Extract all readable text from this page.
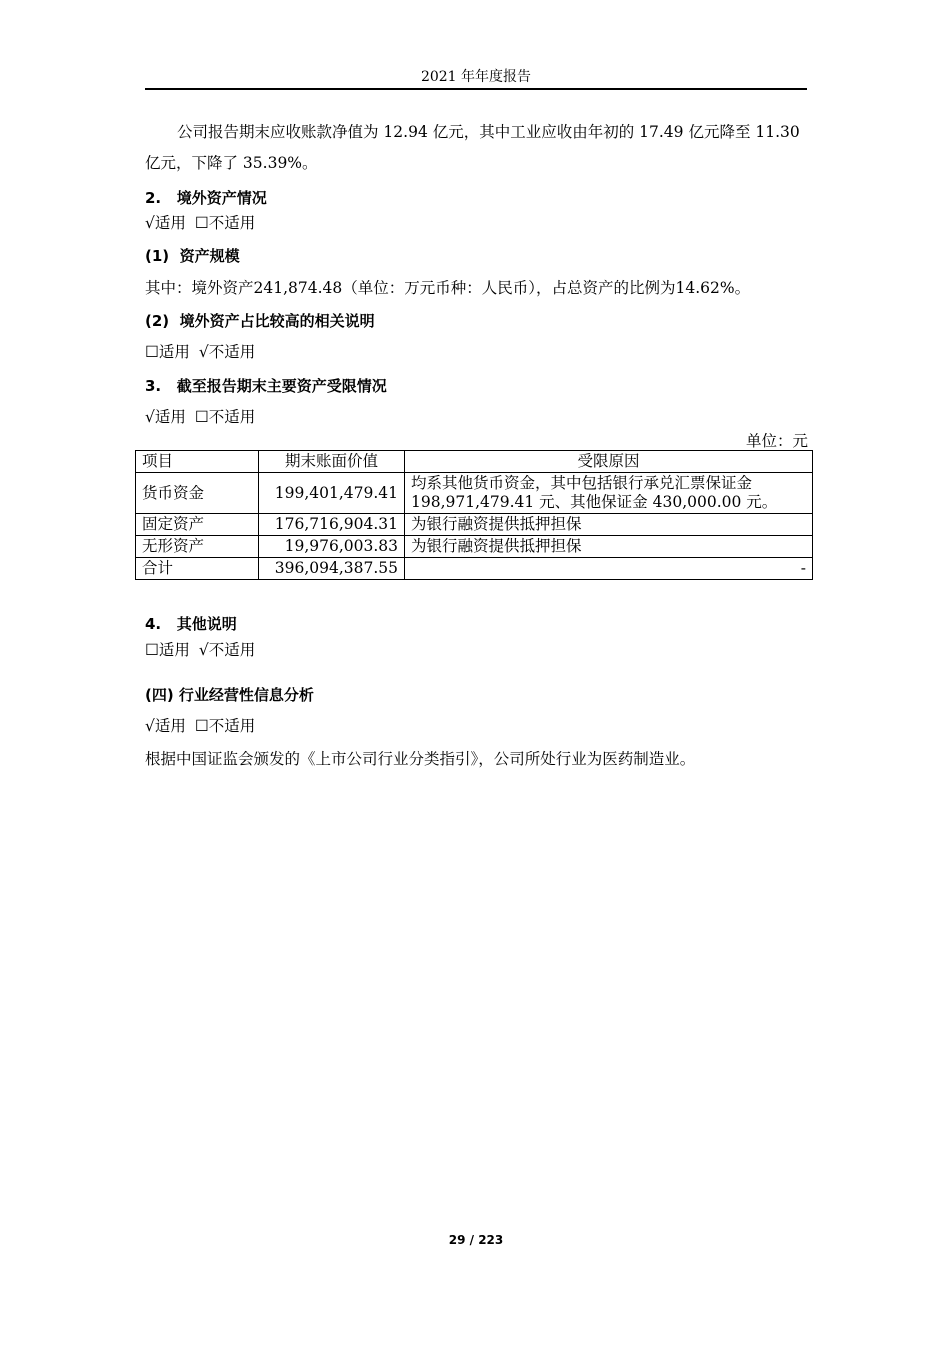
2021 年年度报告
公司报告期末应收账款净值为 12.94 亿元，其中工业应收由年初的 17.49 亿元降至 11.30 亿元，下降了 35.39%。
2.   境外资产情况
√适用 ☐不适用
(1)  资产规模
其中：境外资产241,874.48（单位：万元币种：人民币），占总资产的比例为14.62%。
(2)  境外资产占比较高的相关说明
☐适用 √不适用
3.   截至报告期末主要资产受限情况
√适用 ☐不适用
单位：元
项目	期末账面价值	受限原因
货币资金	199,401,479.41	均系其他货币资金，其中包括银行承兑汇票保证金 198,971,479.41 元、其他保证金 430,000.00 元。
固定资产	176,716,904.31	为银行融资提供抵押担保
无形资产	19,976,003.83	为银行融资提供抵押担保
合计	396,094,387.55	-
4.   其他说明
☐适用 √不适用
(四) 行业经营性信息分析
√适用 ☐不适用
根据中国证监会颁发的《上市公司行业分类指引》，公司所处行业为医药制造业。
29 / 223
